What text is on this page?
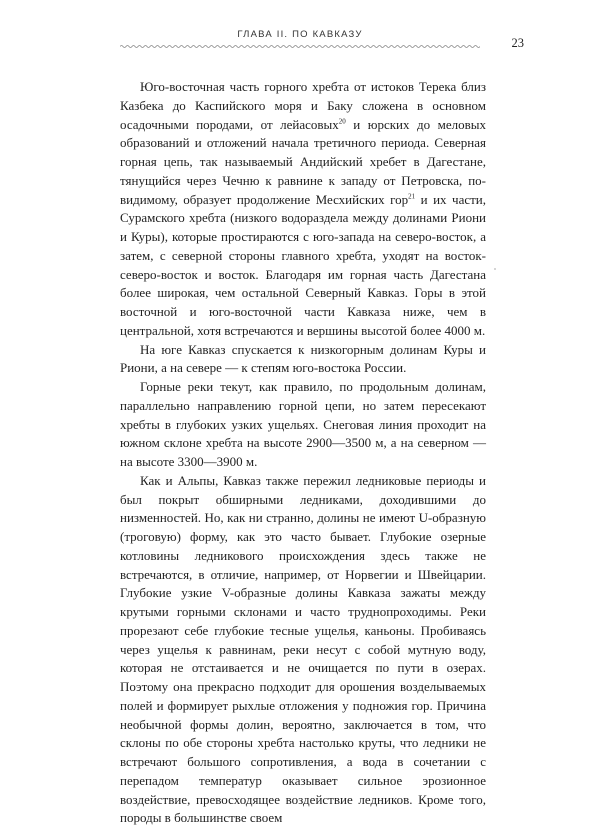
ГЛАВА II. ПО КАВКАЗУ
23

Юго-восточная часть горного хребта от истоков Терека близ Казбека до Каспийского моря и Баку сложена в основном осадочными породами, от лейасовых$^{20}$ и юрских до меловых образований и отложений начала третичного периода. Северная горная цепь, так называемый Андийский хребет в Дагестане, тянущийся через Чечню к равнине к западу от Петровска, по-видимому, образует продолжение Месхийских гор$^{21}$ и их части, Сурамского хребта (низкого водораздела между долинами Риони и Куры), которые простираются с юго-запада на северо-восток, а затем, с северной стороны главного хребта, уходят на восток-северо-восток и восток. Благодаря им горная часть Дагестана более широкая, чем остальной Северный Кавказ. Горы в этой восточной и юго-восточной части Кавказа ниже, чем в центральной, хотя встречаются и вершины высотой более 4000 м.

На юге Кавказ спускается к низкогорным долинам Куры и Риони, а на севере — к степям юго-востока России.

Горные реки текут, как правило, по продольным долинам, параллельно направлению горной цепи, но затем пересекают хребты в глубоких узких ущельях. Снеговая линия проходит на южном склоне хребта на высоте 2900—3500 м, а на северном — на высоте 3300—3900 м.

Как и Альпы, Кавказ также пережил ледниковые периоды и был покрыт обширными ледниками, доходившими до низменностей. Но, как ни странно, долины не имеют U-образную (троговую) форму, как это часто бывает. Глубокие озерные котловины ледникового происхождения здесь также не встречаются, в отличие, например, от Норвегии и Швейцарии. Глубокие узкие V-образные долины Кавказа зажаты между крутыми горными склонами и часто труднопроходимы. Реки прорезают себе глубокие тесные ущелья, каньоны. Пробиваясь через ущелья к равнинам, реки несут с собой мутную воду, которая не отстаивается и не очищается по пути в озерах. Поэтому она прекрасно подходит для орошения возделываемых полей и формирует рыхлые отложения у подножия гор. Причина необычной формы долин, вероятно, заключается в том, что склоны по обе стороны хребта настолько круты, что ледники не встречают большого сопротивления, а вода в сочетании с перепадом температур оказывает сильное эрозионное воздействие, превосходящее воздействие ледников. Кроме того, породы в большинстве своем
